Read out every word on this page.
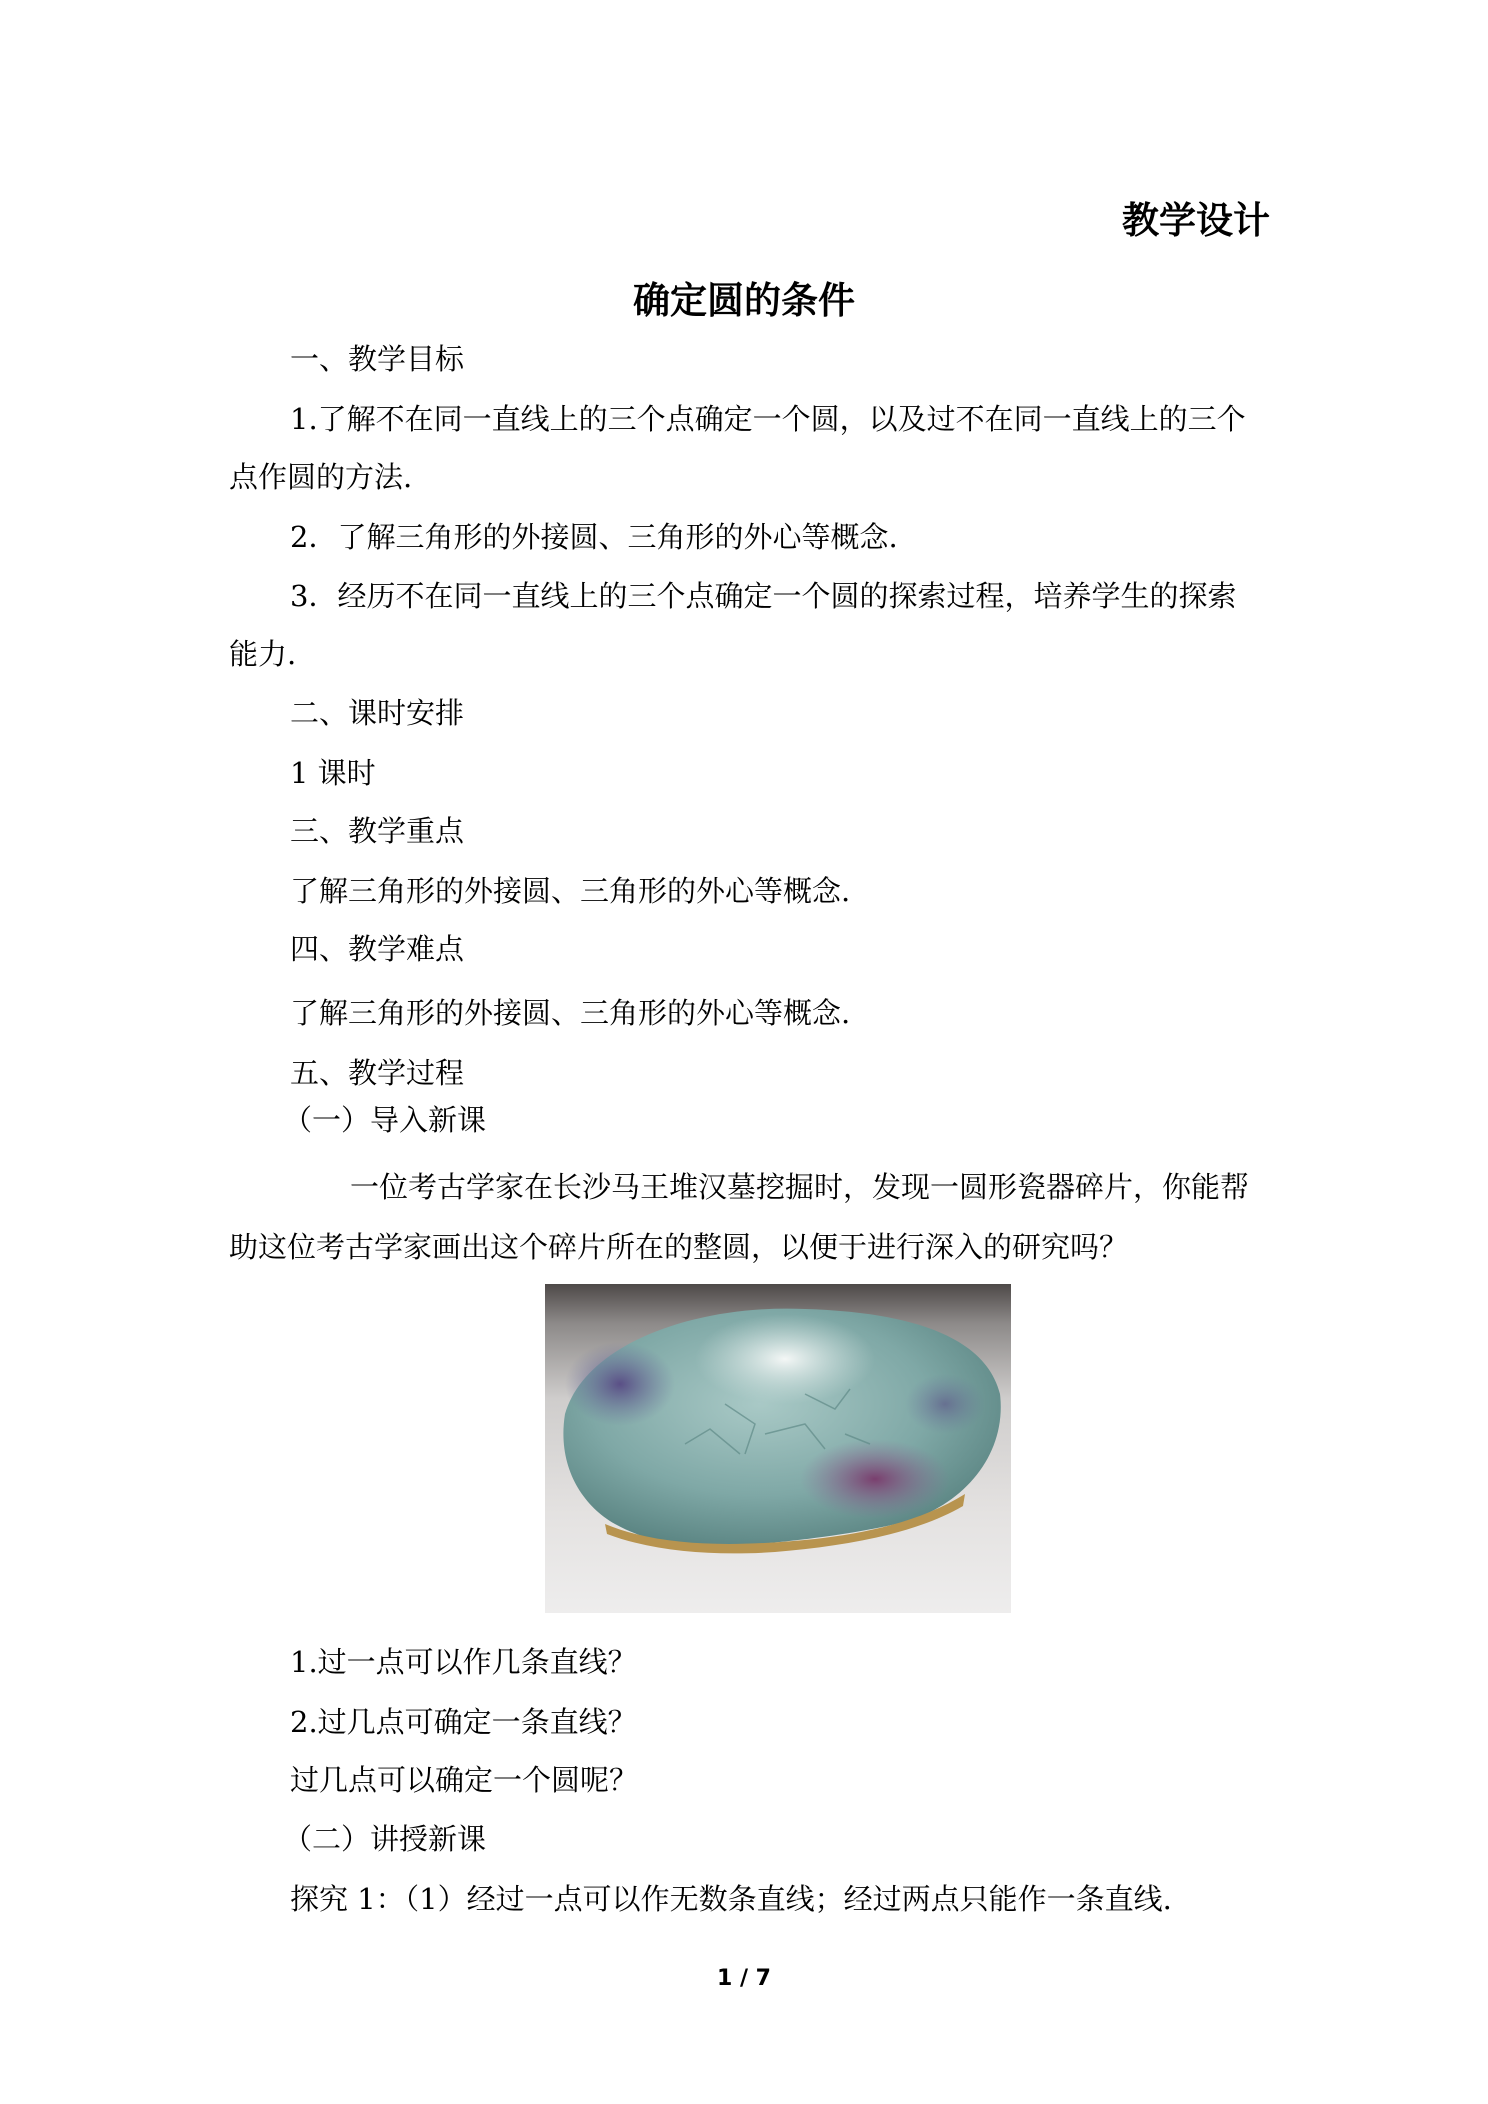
教学设计
确定圆的条件
一、教学目标
1.了解不在同一直线上的三个点确定一个圆，以及过不在同一直线上的三个
点作圆的方法.
2．了解三角形的外接圆、三角形的外心等概念.
3．经历不在同一直线上的三个点确定一个圆的探索过程，培养学生的探索
能力.
二、课时安排
1 课时
三、教学重点
了解三角形的外接圆、三角形的外心等概念.
四、教学难点
了解三角形的外接圆、三角形的外心等概念.
五、教学过程
（一）导入新课
一位考古学家在长沙马王堆汉墓挖掘时，发现一圆形瓷器碎片，你能帮
助这位考古学家画出这个碎片所在的整圆，以便于进行深入的研究吗？
1.过一点可以作几条直线？
2.过几点可确定一条直线？
过几点可以确定一个圆呢？
（二）讲授新课
探究 1：（1）经过一点可以作无数条直线；经过两点只能作一条直线.
1 / 7
